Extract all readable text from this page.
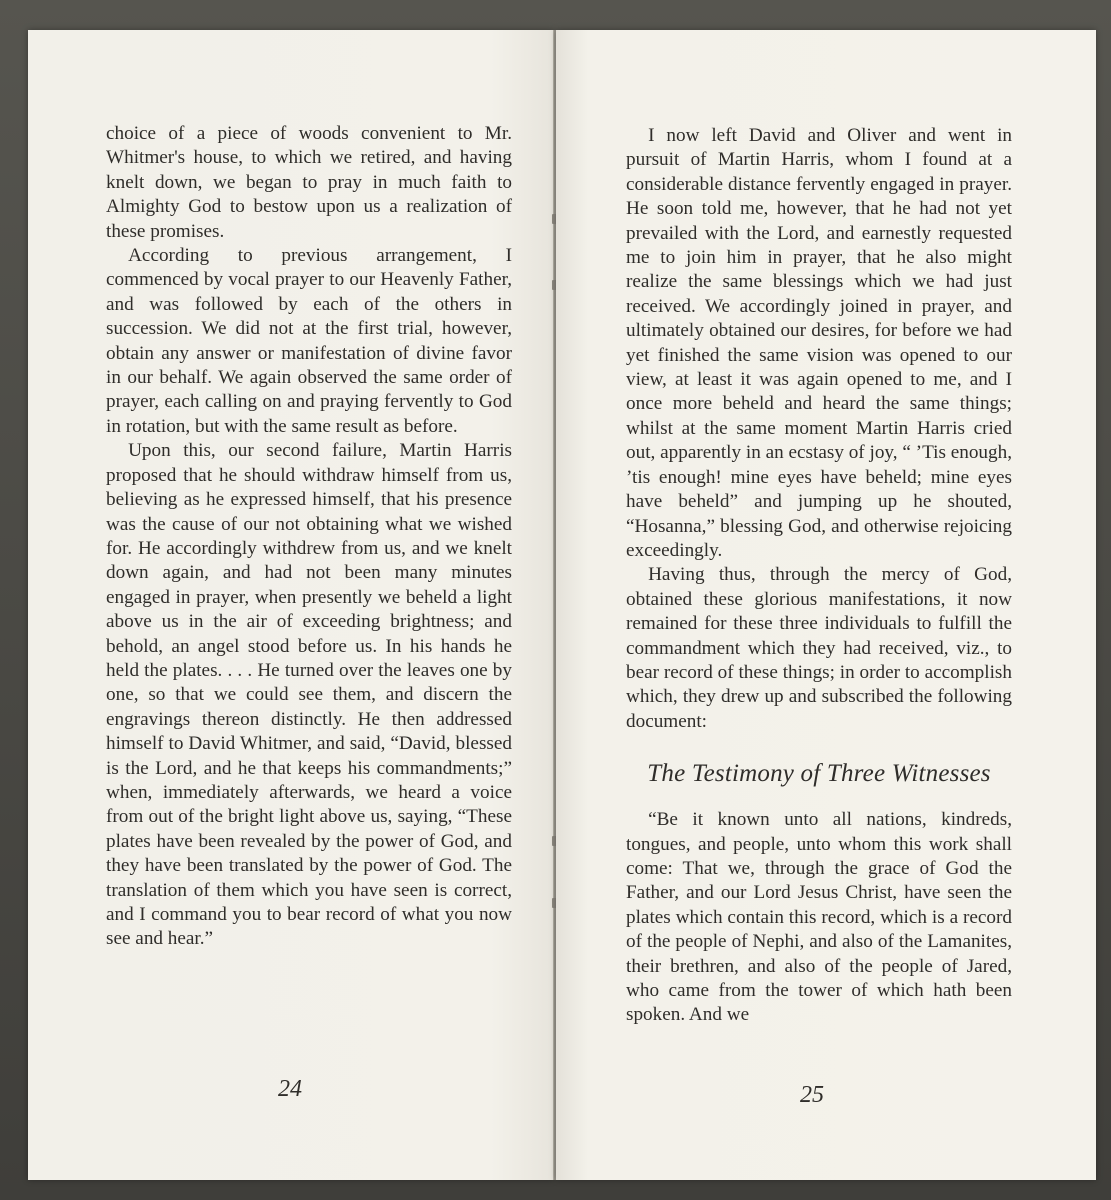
choice of a piece of woods convenient to Mr. Whitmer's house, to which we retired, and having knelt down, we began to pray in much faith to Almighty God to bestow upon us a realization of these promises.

According to previous arrangement, I commenced by vocal prayer to our Heavenly Father, and was followed by each of the others in succession. We did not at the first trial, however, obtain any answer or manifestation of divine favor in our behalf. We again observed the same order of prayer, each calling on and praying fervently to God in rotation, but with the same result as before.

Upon this, our second failure, Martin Harris proposed that he should withdraw himself from us, believing as he expressed himself, that his presence was the cause of our not obtaining what we wished for. He accordingly withdrew from us, and we knelt down again, and had not been many minutes engaged in prayer, when presently we beheld a light above us in the air of exceeding brightness; and behold, an angel stood before us. In his hands he held the plates. . . . He turned over the leaves one by one, so that we could see them, and discern the engravings thereon distinctly. He then addressed himself to David Whitmer, and said, “David, blessed is the Lord, and he that keeps his commandments;” when, immediately afterwards, we heard a voice from out of the bright light above us, saying, “These plates have been revealed by the power of God, and they have been translated by the power of God. The translation of them which you have seen is correct, and I command you to bear record of what you now see and hear.”

24

I now left David and Oliver and went in pursuit of Martin Harris, whom I found at a considerable distance fervently engaged in prayer. He soon told me, however, that he had not yet prevailed with the Lord, and earnestly requested me to join him in prayer, that he also might realize the same blessings which we had just received. We accordingly joined in prayer, and ultimately obtained our desires, for before we had yet finished the same vision was opened to our view, at least it was again opened to me, and I once more beheld and heard the same things; whilst at the same moment Martin Harris cried out, apparently in an ecstasy of joy, “ ’Tis enough, ’tis enough! mine eyes have beheld; mine eyes have beheld” and jumping up he shouted, “Hosanna,” blessing God, and otherwise rejoicing exceedingly.

Having thus, through the mercy of God, obtained these glorious manifestations, it now remained for these three individuals to fulfill the commandment which they had received, viz., to bear record of these things; in order to accomplish which, they drew up and subscribed the following document:

The Testimony of Three Witnesses

“Be it known unto all nations, kindreds, tongues, and people, unto whom this work shall come: That we, through the grace of God the Father, and our Lord Jesus Christ, have seen the plates which contain this record, which is a record of the people of Nephi, and also of the Lamanites, their brethren, and also of the people of Jared, who came from the tower of which hath been spoken. And we

25
